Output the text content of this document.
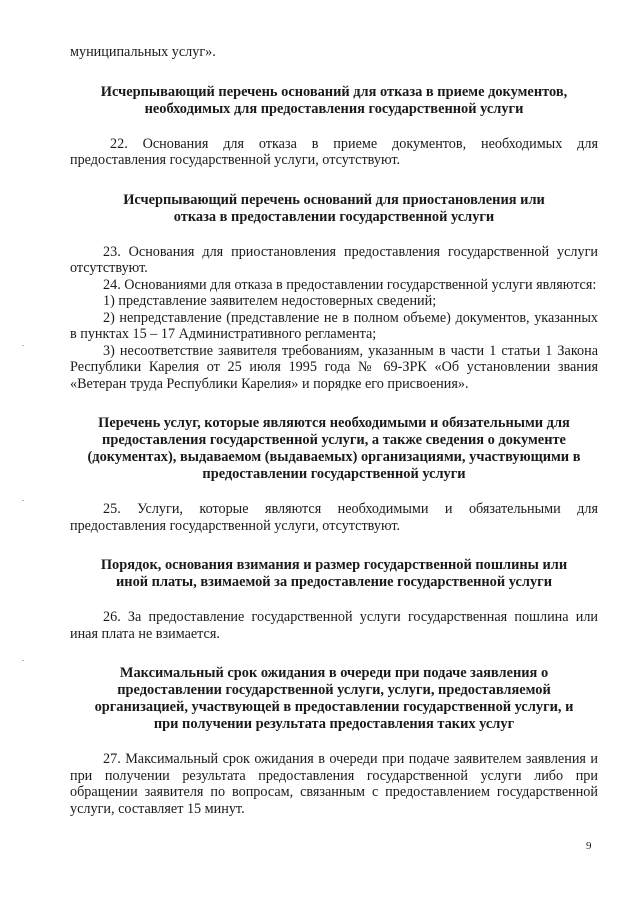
муниципальных услуг».

Исчерпывающий перечень оснований для отказа в приеме документов,

необходимых для предоставления государственной услуги

22. Основания для отказа в приеме документов, необходимых для предоставления государственной услуги, отсутствуют.

Исчерпывающий перечень оснований для приостановления или

отказа в предоставлении государственной услуги

23. Основания для приостановления предоставления государственной услуги отсутствуют.

24. Основаниями для отказа в предоставлении государственной услуги являются:

1) представление заявителем недостоверных сведений;

2) непредставление (представление не в полном объеме) документов, указанных в пунктах 15 – 17 Административного регламента;

3) несоответствие заявителя требованиям, указанным в части 1 статьи 1 Закона Республики Карелия от 25 июля 1995 года № 69-ЗРК «Об установлении звания «Ветеран труда Республики Карелия» и порядке его присвоения».

Перечень услуг, которые являются необходимыми и обязательными для

предоставления государственной услуги, а также сведения о документе

(документах), выдаваемом (выдаваемых) организациями, участвующими в

предоставлении государственной услуги

25. Услуги, которые являются необходимыми и обязательными для предоставления государственной услуги, отсутствуют.

Порядок, основания взимания и размер государственной пошлины или

иной платы, взимаемой за предоставление государственной услуги

26. За предоставление государственной услуги государственная пошлина или иная плата не взимается.

Максимальный срок ожидания в очереди при подаче заявления о

предоставлении государственной услуги, услуги, предоставляемой

организацией, участвующей в предоставлении государственной услуги, и

при получении результата предоставления таких услуг

27. Максимальный срок ожидания в очереди при подаче заявителем заявления и при получении результата предоставления государственной услуги либо при обращении заявителя по вопросам, связанным с предоставлением государственной услуги, составляет 15 минут.

9
